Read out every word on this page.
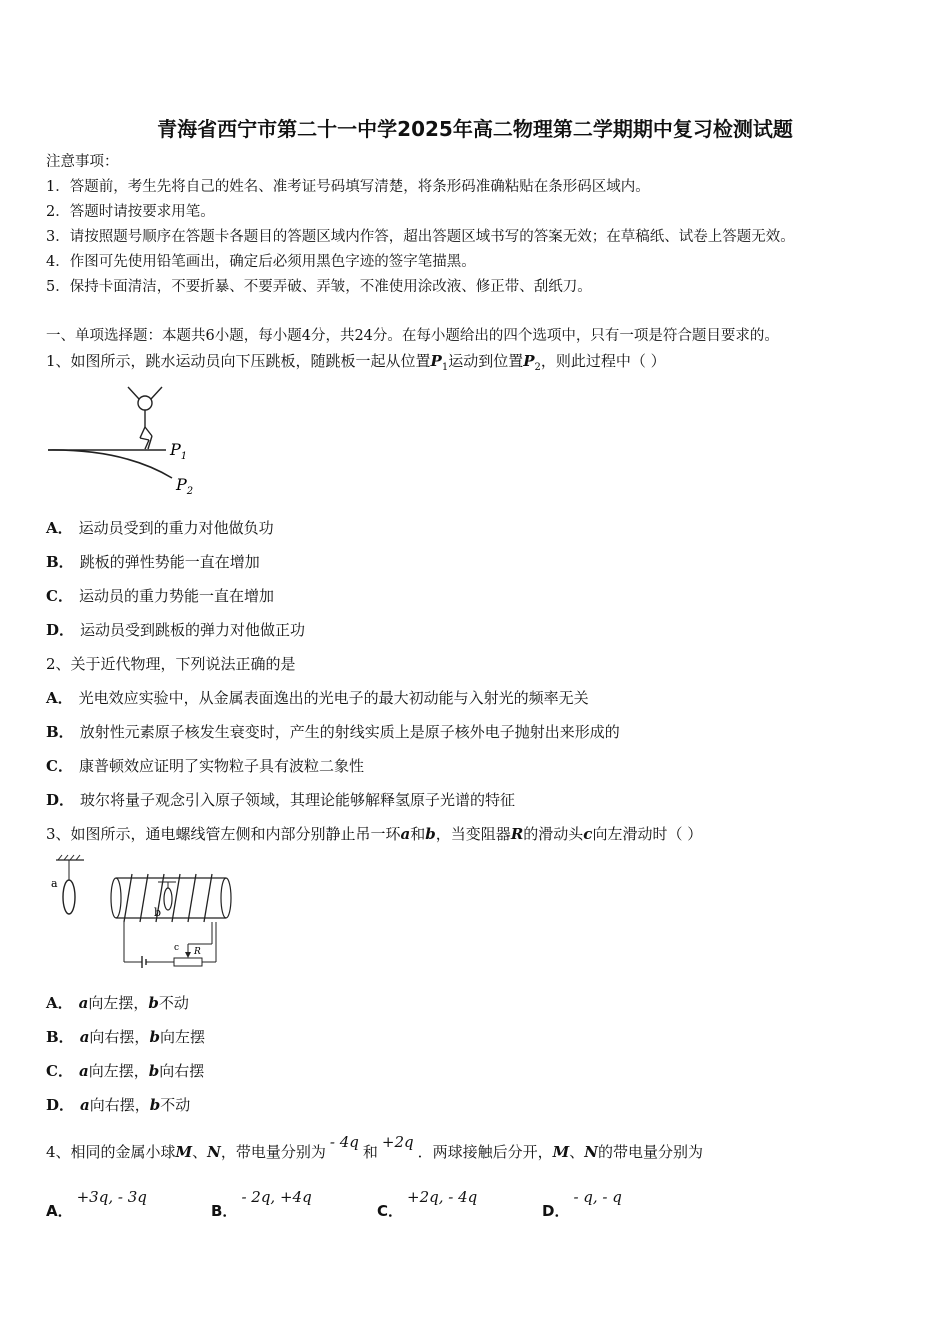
青海省西宁市第二十一中学2025年高二物理第二学期期中复习检测试题
注意事项：
1．答题前，考生先将自己的姓名、准考证号码填写清楚，将条形码准确粘贴在条形码区域内。
2．答题时请按要求用笔。
3．请按照题号顺序在答题卡各题目的答题区域内作答，超出答题区域书写的答案无效；在草稿纸、试卷上答题无效。
4．作图可先使用铅笔画出，确定后必须用黑色字迹的签字笔描黑。
5．保持卡面清洁，不要折暴、不要弄破、弄皱，不准使用涂改液、修正带、刮纸刀。
一、单项选择题：本题共6小题，每小题4分，共24分。在每小题给出的四个选项中，只有一项是符合题目要求的。
1、如图所示，跳水运动员向下压跳板，随跳板一起从位置$P_1$运动到位置$P_2$，则此过程中（ ）
$P_1$
$P_2$
A． 运动员受到的重力对他做负功
B． 跳板的弹性势能一直在增加
C． 运动员的重力势能一直在增加
D． 运动员受到跳板的弹力对他做正功
2、关于近代物理，下列说法正确的是
A． 光电效应实验中，从金属表面逸出的光电子的最大初动能与入射光的频率无关
B． 放射性元素原子核发生衰变时，产生的射线实质上是原子核外电子抛射出来形成的
C． 康普顿效应证明了实物粒子具有波粒二象性
D． 玻尔将量子观念引入原子领域，其理论能够解释氢原子光谱的特征
3、如图所示，通电螺线管左侧和内部分别静止吊一环a和b，当变阻器R的滑动头c向左滑动时（ ）
a
b
c R
A． a向左摆，b不动
B． a向右摆，b向左摆
C． a向左摆，b向右摆
D． a向右摆，b不动
4、相同的金属小球M、N，带电量分别为- 4q和+2q．两球接触后分开，M、N的带电量分别为
A．+3q, - 3q
B．- 2q, +4q
C．+2q, - 4q
D．- q, - q
